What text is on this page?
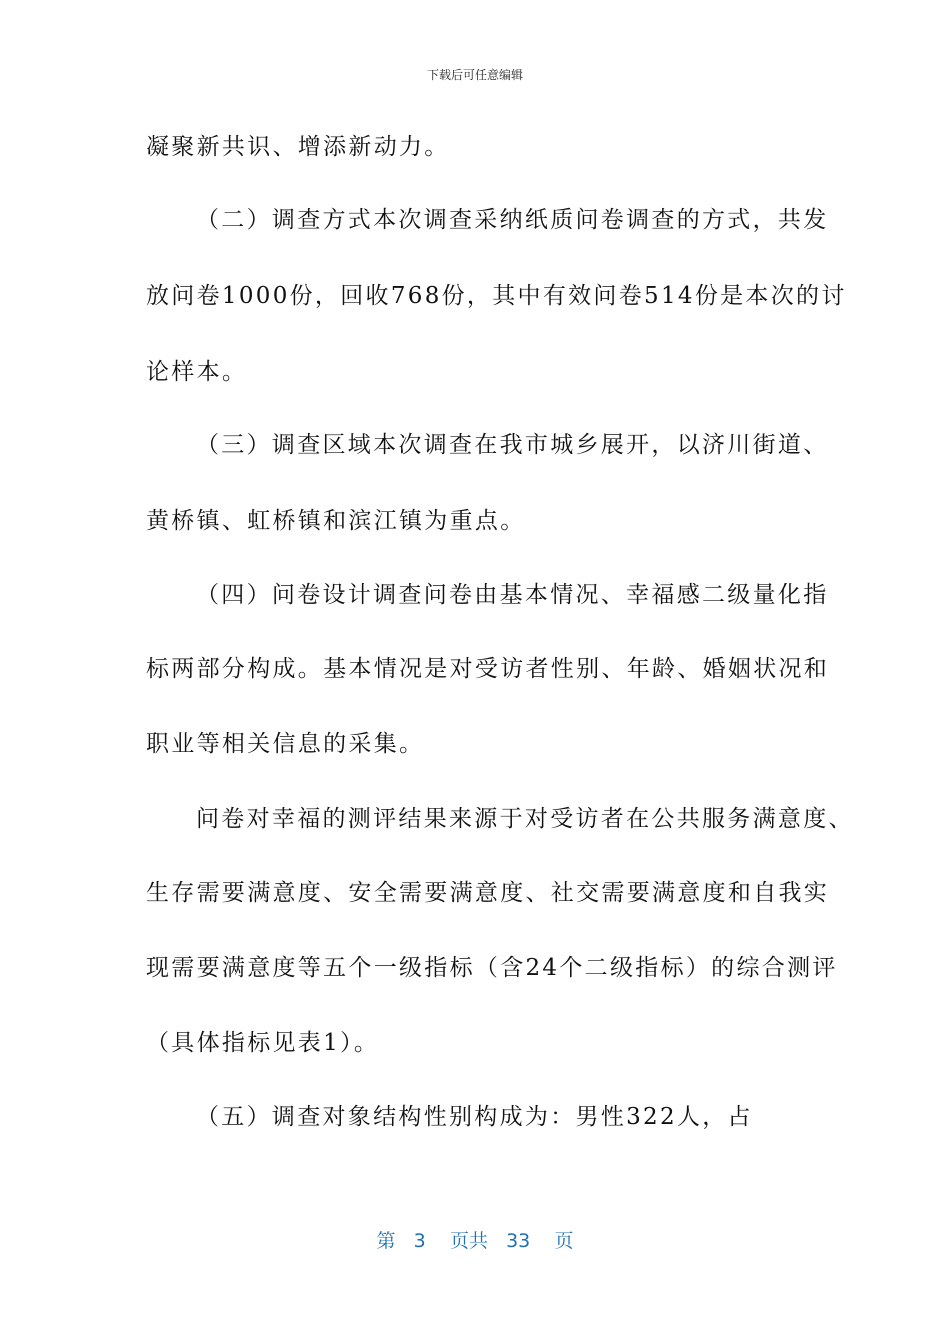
下载后可任意编辑
凝聚新共识、增添新动力。
（二）调查方式本次调查采纳纸质问卷调查的方式，共发
放问卷1000份，回收768份，其中有效问卷514份是本次的讨
论样本。
（三）调查区域本次调查在我市城乡展开，以济川街道、
黄桥镇、虹桥镇和滨江镇为重点。
（四）问卷设计调查问卷由基本情况、幸福感二级量化指
标两部分构成。基本情况是对受访者性别、年龄、婚姻状况和
职业等相关信息的采集。
问卷对幸福的测评结果来源于对受访者在公共服务满意度、
生存需要满意度、安全需要满意度、社交需要满意度和自我实
现需要满意度等五个一级指标（含24个二级指标）的综合测评
（具体指标见表1）。
（五）调查对象结构性别构成为：男性322人，占
第 3 页共 33 页
